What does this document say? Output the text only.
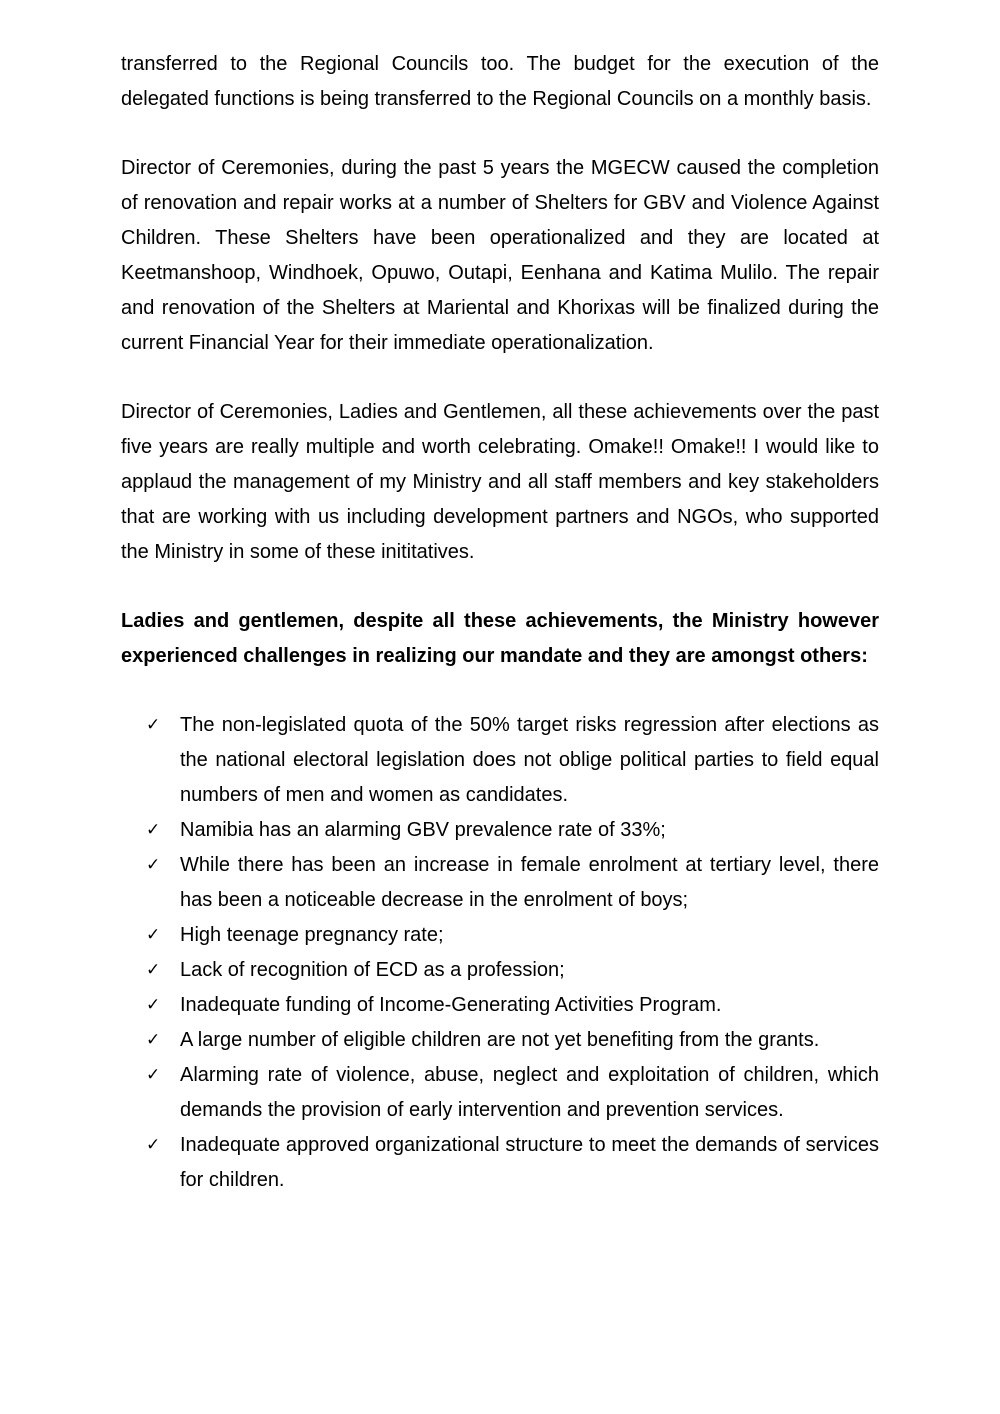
transferred to the Regional Councils too. The budget for the execution of the delegated functions is being transferred to the Regional Councils on a monthly basis.

Director of Ceremonies, during the past 5 years the MGECW caused the completion of renovation and repair works at a number of Shelters for GBV and Violence Against Children. These Shelters have been operationalized and they are located at Keetmanshoop, Windhoek, Opuwo, Outapi, Eenhana and Katima Mulilo. The repair and renovation of the Shelters at Mariental and Khorixas will be finalized during the current Financial Year for their immediate operationalization.

Director of Ceremonies, Ladies and Gentlemen, all these achievements over the past five years are really multiple and worth celebrating. Omake!! Omake!! I would like to applaud the management of my Ministry and all staff members and key stakeholders that are working with us including development partners and NGOs, who supported the Ministry in some of these inititatives.

Ladies and gentlemen, despite all these achievements, the Ministry however experienced challenges in realizing our mandate and they are amongst others:

✓ The non-legislated quota of the 50% target risks regression after elections as the national electoral legislation does not oblige political parties to field equal numbers of men and women as candidates.
✓ Namibia has an alarming GBV prevalence rate of 33%;
✓ While there has been an increase in female enrolment at tertiary level, there has been a noticeable decrease in the enrolment of boys;
✓ High teenage pregnancy rate;
✓ Lack of recognition of ECD as a profession;
✓ Inadequate funding of Income-Generating Activities Program.
✓ A large number of eligible children are not yet benefiting from the grants.
✓ Alarming rate of violence, abuse, neglect and exploitation of children, which demands the provision of early intervention and prevention services.
✓ Inadequate approved organizational structure to meet the demands of services for children.
